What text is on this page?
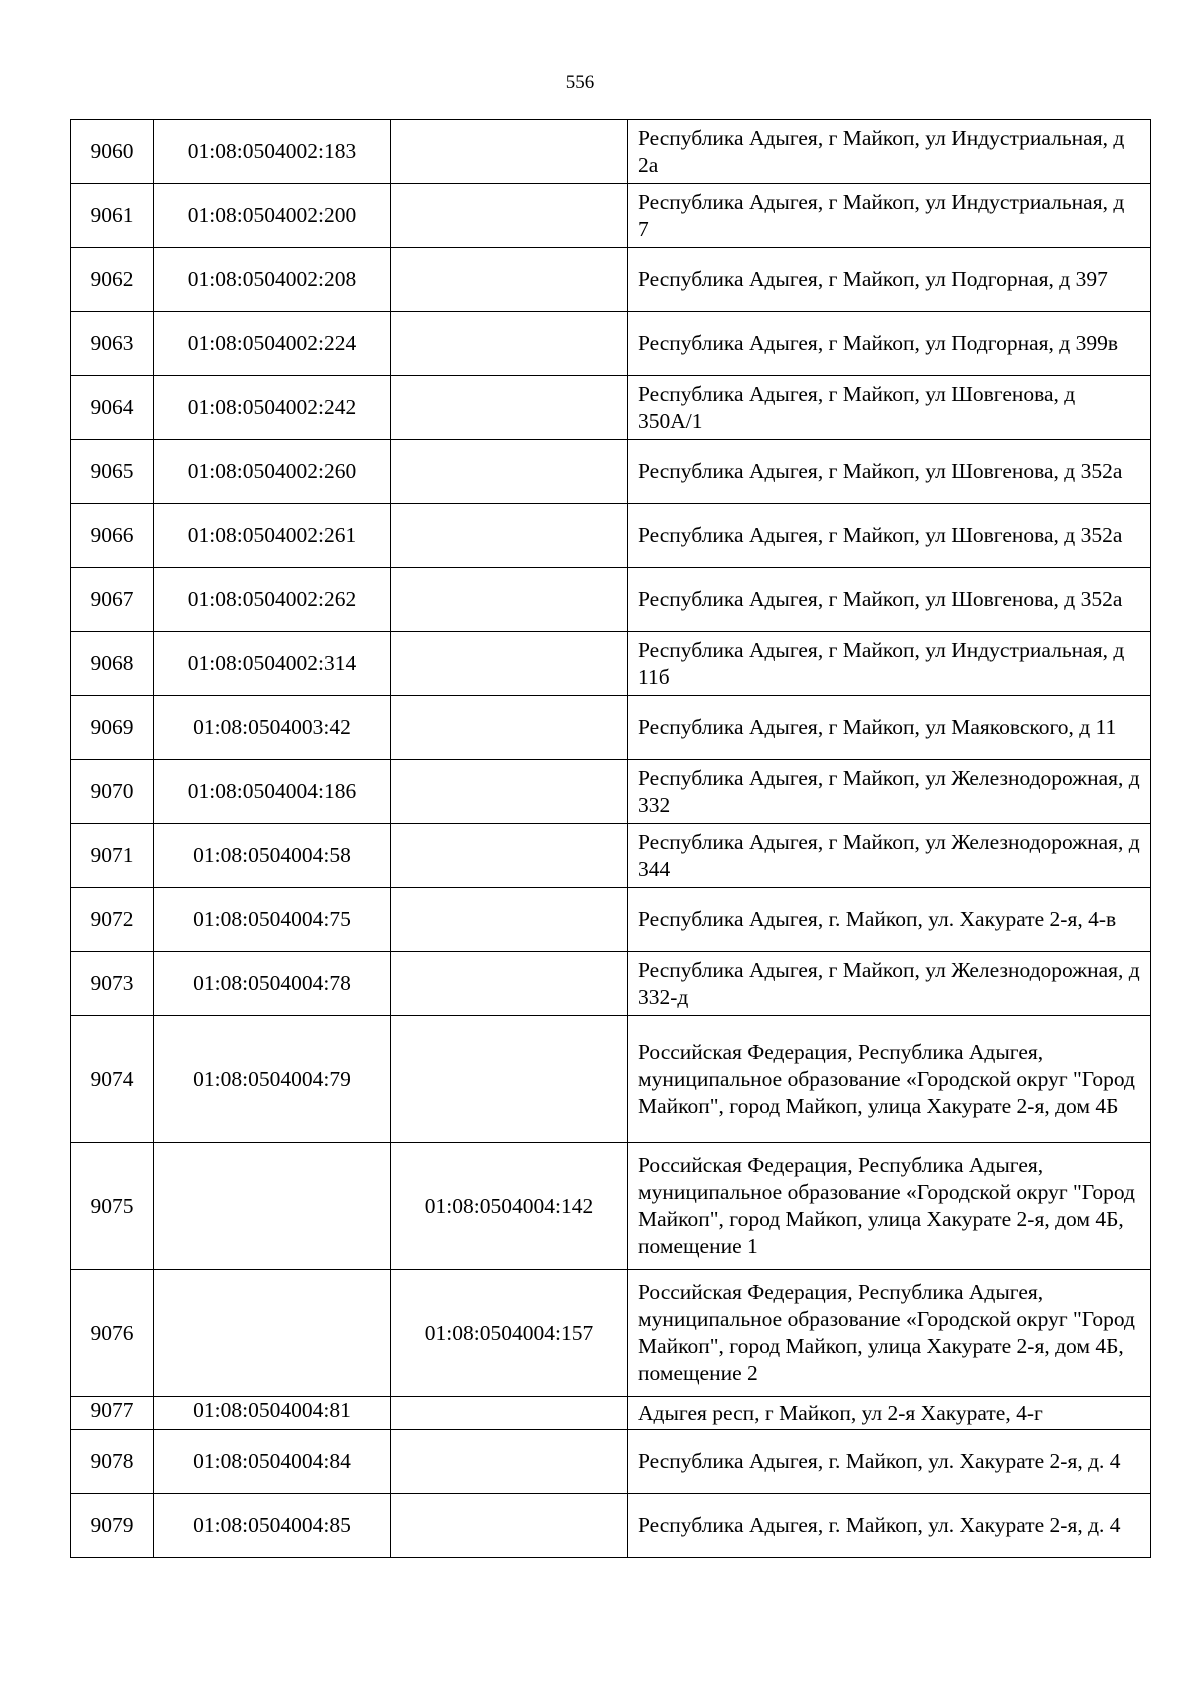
556
9060	01:08:0504002:183		Республика Адыгея, г Майкоп, ул Индустриальная, д 2а
9061	01:08:0504002:200		Республика Адыгея, г Майкоп, ул Индустриальная, д 7
9062	01:08:0504002:208		Республика Адыгея, г Майкоп, ул Подгорная, д 397
9063	01:08:0504002:224		Республика Адыгея, г Майкоп, ул Подгорная, д 399в
9064	01:08:0504002:242		Республика Адыгея, г Майкоп, ул Шовгенова, д 350А/1
9065	01:08:0504002:260		Республика Адыгея, г Майкоп, ул Шовгенова, д 352а
9066	01:08:0504002:261		Республика Адыгея, г Майкоп, ул Шовгенова, д 352а
9067	01:08:0504002:262		Республика Адыгея, г Майкоп, ул Шовгенова, д 352а
9068	01:08:0504002:314		Республика Адыгея, г Майкоп, ул Индустриальная, д 11б
9069	01:08:0504003:42		Республика Адыгея, г Майкоп, ул Маяковского, д 11
9070	01:08:0504004:186		Республика Адыгея, г Майкоп, ул Железнодорожная, д 332
9071	01:08:0504004:58		Республика Адыгея, г Майкоп, ул Железнодорожная, д 344
9072	01:08:0504004:75		Республика Адыгея, г. Майкоп, ул. Хакурате 2-я, 4-в
9073	01:08:0504004:78		Республика Адыгея, г Майкоп, ул Железнодорожная, д 332-д
9074	01:08:0504004:79		Российская Федерация, Республика Адыгея, муниципальное образование «Городской округ "Город Майкоп", город Майкоп, улица Хакурате 2-я, дом 4Б
9075		01:08:0504004:142	Российская Федерация, Республика Адыгея, муниципальное образование «Городской округ "Город Майкоп", город Майкоп, улица Хакурате 2-я, дом 4Б, помещение 1
9076		01:08:0504004:157	Российская Федерация, Республика Адыгея, муниципальное образование «Городской округ "Город Майкоп", город Майкоп, улица Хакурате 2-я, дом 4Б, помещение 2
9077	01:08:0504004:81		Адыгея респ, г Майкоп, ул 2-я Хакурате, 4-г
9078	01:08:0504004:84		Республика Адыгея, г. Майкоп, ул. Хакурате 2-я, д. 4
9079	01:08:0504004:85		Республика Адыгея, г. Майкоп, ул. Хакурате 2-я, д. 4
